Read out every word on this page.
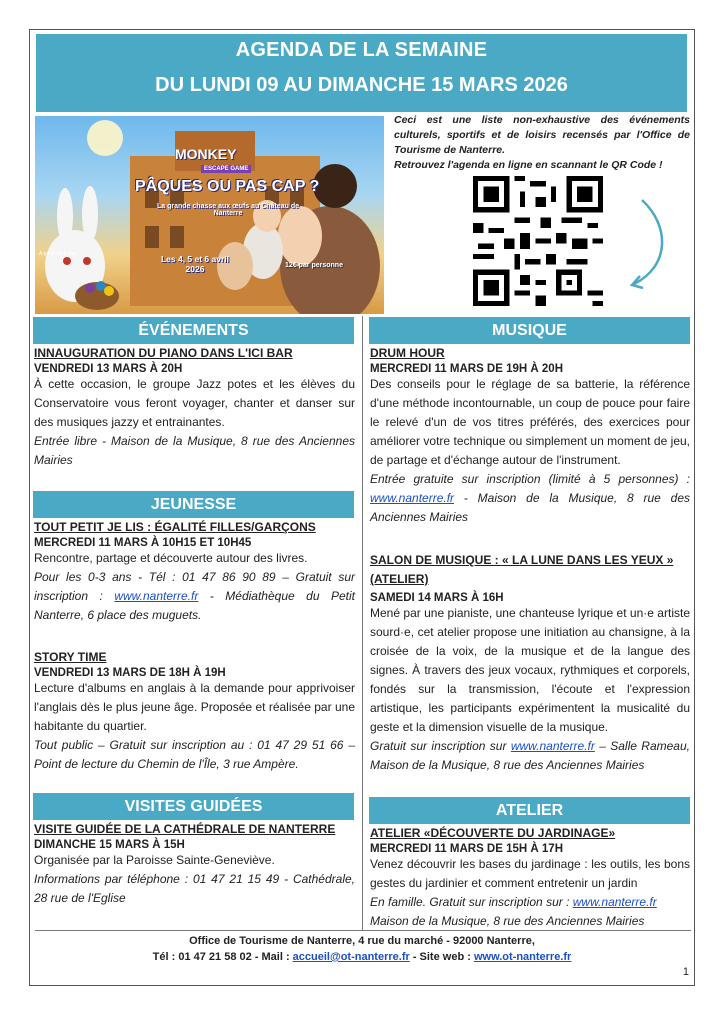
AGENDA DE LA SEMAINE
DU LUNDI 09 AU DIMANCHE 15 MARS 2026
MONKEY
ESCAPE GAME
PÂQUES OU PAS CAP ?
La grande chasse aux œufs au Château de Nanterre
Les 4, 5 et 6 avril 2026	12€ par personne
À partir de 8 ans
Ceci est une liste non-exhaustive des événements culturels, sportifs et de loisirs recensés par l'Office de Tourisme de Nanterre.
Retrouvez l'agenda en ligne en scannant le QR Code !
ÉVÉNEMENTS
INNAUGURATION DU PIANO DANS L'ICI BAR
VENDREDI 13 MARS À 20H
À cette occasion, le groupe Jazz potes et les élèves du Conservatoire vous feront voyager, chanter et danser sur des musiques jazzy et entrainantes.
Entrée libre - Maison de la Musique, 8 rue des Anciennes Mairies
JEUNESSE
TOUT PETIT JE LIS : ÉGALITÉ FILLES/GARÇONS
MERCREDI 11 MARS À 10H15 ET 10H45
Rencontre, partage et découverte autour des livres.
Pour les 0-3 ans - Tél : 01 47 86 90 89 – Gratuit sur inscription : www.nanterre.fr - Médiathèque du Petit Nanterre, 6 place des muguets.
STORY TIME
VENDREDI 13 MARS DE 18H À 19H
Lecture d'albums en anglais à la demande pour apprivoiser l'anglais dès le plus jeune âge. Proposée et réalisée par une habitante du quartier.
Tout public – Gratuit sur inscription au : 01 47 29 51 66 – Point de lecture du Chemin de l'Île, 3 rue Ampère.
VISITES GUIDÉES
VISITE GUIDÉE DE LA CATHÉDRALE DE NANTERRE
DIMANCHE 15 MARS À 15H
Organisée par la Paroisse Sainte-Geneviève.
Informations par téléphone : 01 47 21 15 49 - Cathédrale, 28 rue de l'Eglise
MUSIQUE
DRUM HOUR
MERCREDI 11 MARS DE 19H À 20H
Des conseils pour le réglage de sa batterie, la référence d'une méthode incontournable, un coup de pouce pour faire le relevé d'un de vos titres préférés, des exercices pour améliorer votre technique ou simplement un moment de jeu, de partage et d'échange autour de l'instrument.
Entrée gratuite sur inscription (limité à 5 personnes) : www.nanterre.fr - Maison de la Musique, 8 rue des Anciennes Mairies
SALON DE MUSIQUE : « LA LUNE DANS LES YEUX » (ATELIER)
SAMEDI 14 MARS À 16H
Mené par une pianiste, une chanteuse lyrique et un·e artiste sourd·e, cet atelier propose une initiation au chansigne, à la croisée de la voix, de la musique et de la langue des signes. À travers des jeux vocaux, rythmiques et corporels, fondés sur la transmission, l'écoute et l'expression artistique, les participants expérimentent la musicalité du geste et la dimension visuelle de la musique.
Gratuit sur inscription sur www.nanterre.fr – Salle Rameau, Maison de la Musique, 8 rue des Anciennes Mairies
ATELIER
ATELIER «DÉCOUVERTE DU JARDINAGE»
MERCREDI 11 MARS DE 15H À 17H
Venez découvrir les bases du jardinage : les outils, les bons gestes du jardinier et comment entretenir un jardin
En famille. Gratuit sur inscription sur : www.nanterre.fr
Maison de la Musique, 8 rue des Anciennes Mairies
Office de Tourisme de Nanterre, 4 rue du marché - 92000 Nanterre,
Tél : 01 47 21 58 02 - Mail : accueil@ot-nanterre.fr - Site web : www.ot-nanterre.fr
1
